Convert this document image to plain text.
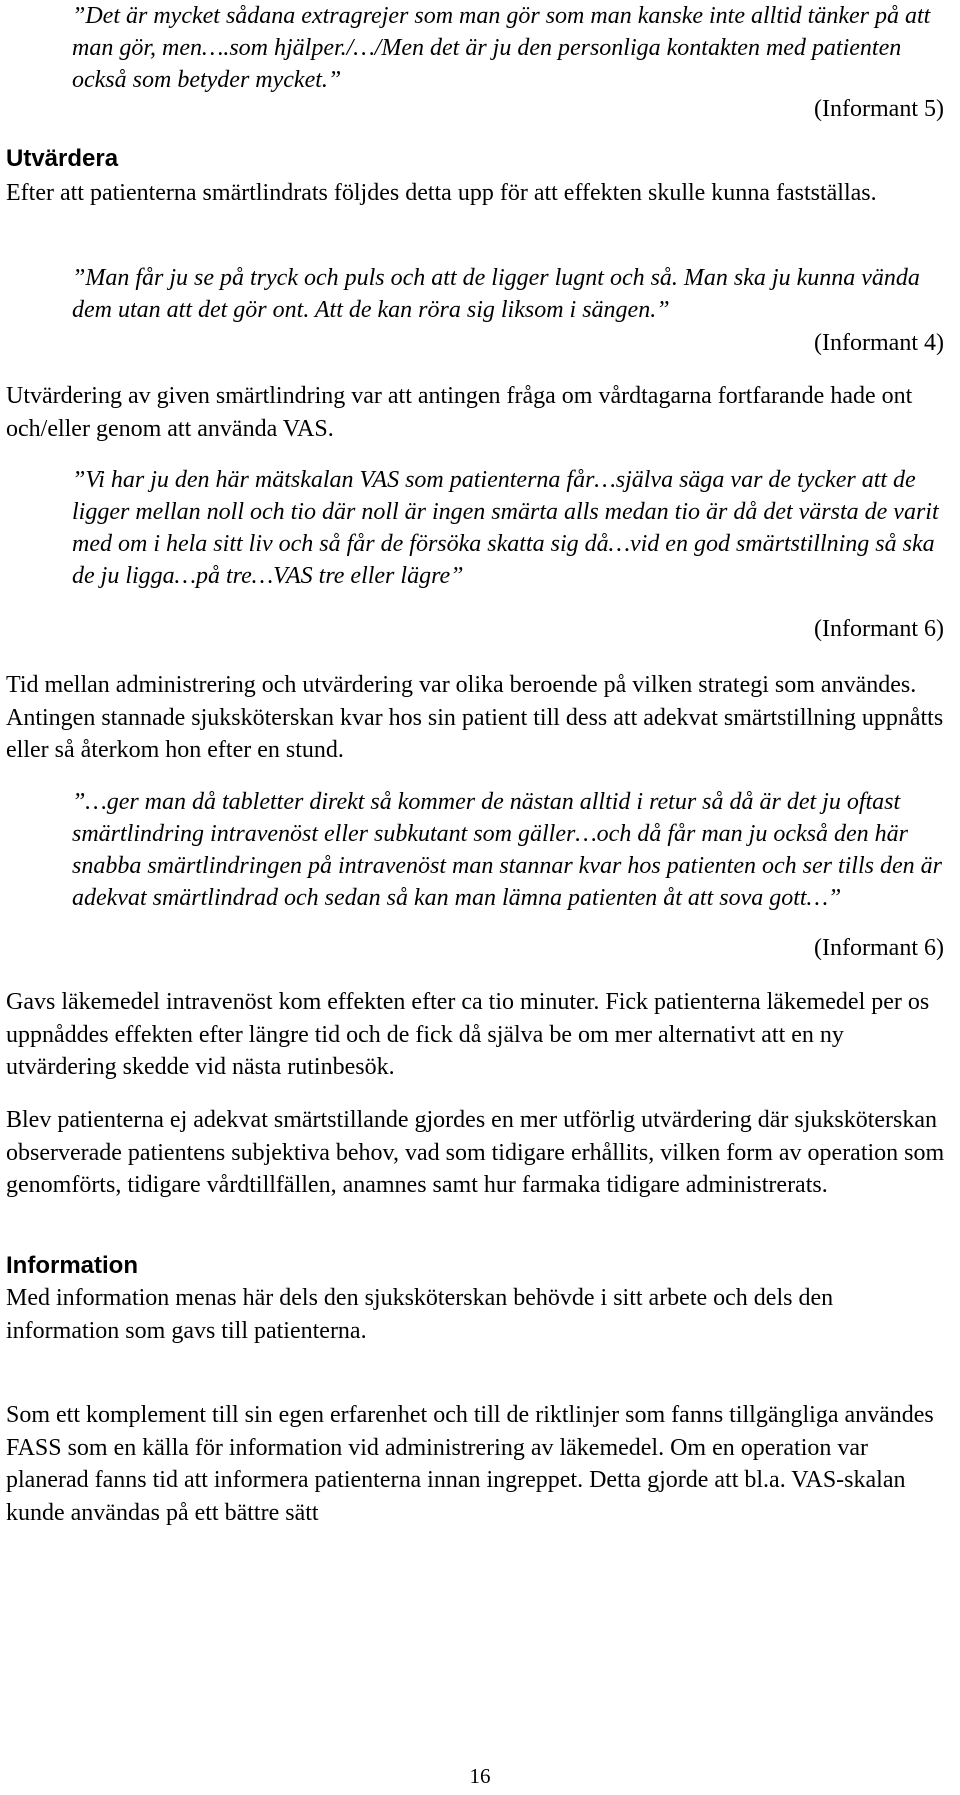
”Det är mycket sådana extragrejer som man gör som man kanske inte alltid tänker på att man gör, men….som hjälper./…/Men det är ju den personliga kontakten med patienten också som betyder mycket.”
(Informant 5)
Utvärdera
Efter att patienterna smärtlindrats följdes detta upp för att effekten skulle kunna fastställas.
”Man får ju se på tryck och puls och att de ligger lugnt och så. Man ska ju kunna vända dem utan att det gör ont. Att de kan röra sig liksom i sängen.”
(Informant 4)
Utvärdering av given smärtlindring var att antingen fråga om vårdtagarna fortfarande hade ont och/eller genom att använda VAS.
”Vi har ju den här mätskalan VAS som patienterna får…själva säga var de tycker att de ligger mellan noll och tio där noll är ingen smärta alls medan tio är då det värsta de varit med om i hela sitt liv och så får de försöka skatta sig då…vid en god smärtstillning så ska de ju ligga…på tre…VAS tre eller lägre”
(Informant 6)
Tid mellan administrering och utvärdering var olika beroende på vilken strategi som användes. Antingen stannade sjuksköterskan kvar hos sin patient till dess att adekvat smärtstillning uppnåtts eller så återkom hon efter en stund.
”…ger man då tabletter direkt så kommer de nästan alltid i retur så då är det ju oftast smärtlindring intravenöst eller subkutant som gäller…och då får man ju också den här snabba smärtlindringen på intravenöst man stannar kvar hos patienten och ser tills den är adekvat smärtlindrad och sedan så kan man lämna patienten åt att sova gott…”
(Informant 6)
Gavs läkemedel intravenöst kom effekten efter ca tio minuter. Fick patienterna läkemedel per os uppnåddes effekten efter längre tid och de fick då själva be om mer alternativt att en ny utvärdering skedde vid nästa rutinbesök.
Blev patienterna ej adekvat smärtstillande gjordes en mer utförlig utvärdering där sjuksköterskan observerade patientens subjektiva behov, vad som tidigare erhållits, vilken form av operation som genomförts, tidigare vårdtillfällen, anamnes samt hur farmaka tidigare administrerats.
Information
Med information menas här dels den sjuksköterskan behövde i sitt arbete och dels den information som gavs till patienterna.
Som ett komplement till sin egen erfarenhet och till de riktlinjer som fanns tillgängliga användes FASS som en källa för information vid administrering av läkemedel. Om en operation var planerad fanns tid att informera patienterna innan ingreppet. Detta gjorde att bl.a. VAS-skalan kunde användas på ett bättre sätt
16
